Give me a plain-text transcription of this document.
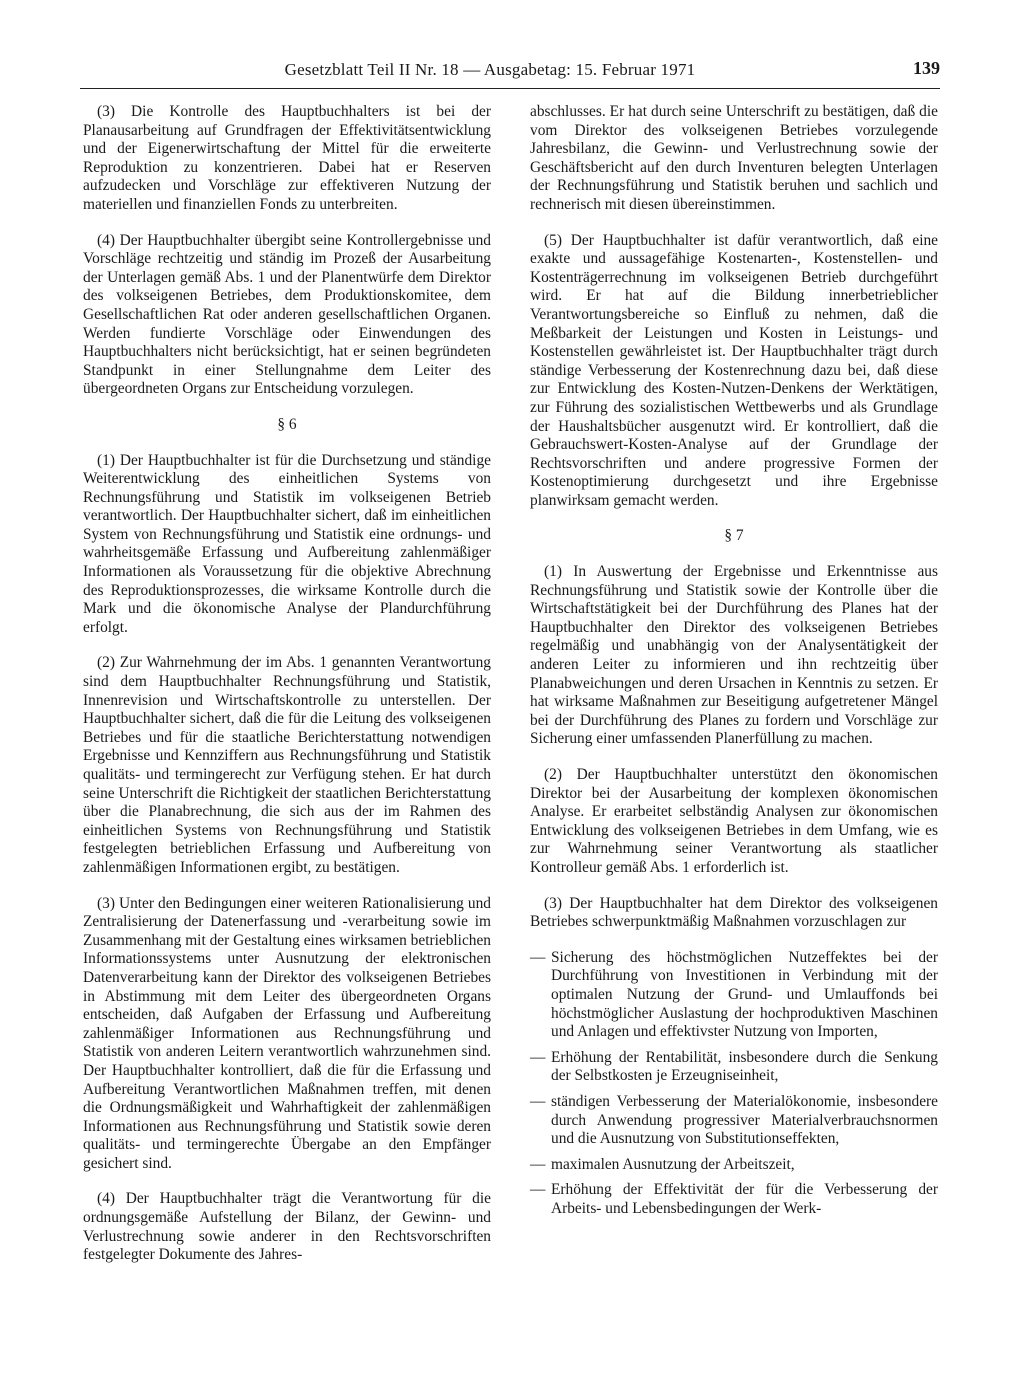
Gesetzblatt Teil II Nr. 18 — Ausgabetag: 15. Februar 1971	139

(3) Die Kontrolle des Hauptbuchhalters ist bei der Planausarbeitung auf Grundfragen der Effektivitätsentwicklung und der Eigenerwirtschaftung der Mittel für die erweiterte Reproduktion zu konzentrieren. Dabei hat er Reserven aufzudecken und Vorschläge zur effektiveren Nutzung der materiellen und finanziellen Fonds zu unterbreiten.

(4) Der Hauptbuchhalter übergibt seine Kontrollergebnisse und Vorschläge rechtzeitig und ständig im Prozeß der Ausarbeitung der Unterlagen gemäß Abs. 1 und der Planentwürfe dem Direktor des volkseigenen Betriebes, dem Produktionskomitee, dem Gesellschaftlichen Rat oder anderen gesellschaftlichen Organen. Werden fundierte Vorschläge oder Einwendungen des Hauptbuchhalters nicht berücksichtigt, hat er seinen begründeten Standpunkt in einer Stellungnahme dem Leiter des übergeordneten Organs zur Entscheidung vorzulegen.

§ 6

(1) Der Hauptbuchhalter ist für die Durchsetzung und ständige Weiterentwicklung des einheitlichen Systems von Rechnungsführung und Statistik im volkseigenen Betrieb verantwortlich. Der Hauptbuchhalter sichert, daß im einheitlichen System von Rechnungsführung und Statistik eine ordnungs- und wahrheitsgemäße Erfassung und Aufbereitung zahlenmäßiger Informationen als Voraussetzung für die objektive Abrechnung des Reproduktionsprozesses, die wirksame Kontrolle durch die Mark und die ökonomische Analyse der Plandurchführung erfolgt.

(2) Zur Wahrnehmung der im Abs. 1 genannten Verantwortung sind dem Hauptbuchhalter Rechnungsführung und Statistik, Innenrevision und Wirtschaftskontrolle zu unterstellen. Der Hauptbuchhalter sichert, daß die für die Leitung des volkseigenen Betriebes und für die staatliche Berichterstattung notwendigen Ergebnisse und Kennziffern aus Rechnungsführung und Statistik qualitäts- und termingerecht zur Verfügung stehen. Er hat durch seine Unterschrift die Richtigkeit der staatlichen Berichterstattung über die Planabrechnung, die sich aus der im Rahmen des einheitlichen Systems von Rechnungsführung und Statistik festgelegten betrieblichen Erfassung und Aufbereitung von zahlenmäßigen Informationen ergibt, zu bestätigen.

(3) Unter den Bedingungen einer weiteren Rationalisierung und Zentralisierung der Datenerfassung und -verarbeitung sowie im Zusammenhang mit der Gestaltung eines wirksamen betrieblichen Informationssystems unter Ausnutzung der elektronischen Datenverarbeitung kann der Direktor des volkseigenen Betriebes in Abstimmung mit dem Leiter des übergeordneten Organs entscheiden, daß Aufgaben der Erfassung und Aufbereitung zahlenmäßiger Informationen aus Rechnungsführung und Statistik von anderen Leitern verantwortlich wahrzunehmen sind. Der Hauptbuchhalter kontrolliert, daß die für die Erfassung und Aufbereitung Verantwortlichen Maßnahmen treffen, mit denen die Ordnungsmäßigkeit und Wahrhaftigkeit der zahlenmäßigen Informationen aus Rechnungsführung und Statistik sowie deren qualitäts- und termingerechte Übergabe an den Empfänger gesichert sind.

(4) Der Hauptbuchhalter trägt die Verantwortung für die ordnungsgemäße Aufstellung der Bilanz, der Gewinn- und Verlustrechnung sowie anderer in den Rechtsvorschriften festgelegter Dokumente des Jahres-

abschlusses. Er hat durch seine Unterschrift zu bestätigen, daß die vom Direktor des volkseigenen Betriebes vorzulegende Jahresbilanz, die Gewinn- und Verlustrechnung sowie der Geschäftsbericht auf den durch Inventuren belegten Unterlagen der Rechnungsführung und Statistik beruhen und sachlich und rechnerisch mit diesen übereinstimmen.

(5) Der Hauptbuchhalter ist dafür verantwortlich, daß eine exakte und aussagefähige Kostenarten-, Kostenstellen- und Kostenträgerrechnung im volkseigenen Betrieb durchgeführt wird. Er hat auf die Bildung innerbetrieblicher Verantwortungsbereiche so Einfluß zu nehmen, daß die Meßbarkeit der Leistungen und Kosten in Leistungs- und Kostenstellen gewährleistet ist. Der Hauptbuchhalter trägt durch ständige Verbesserung der Kostenrechnung dazu bei, daß diese zur Entwicklung des Kosten-Nutzen-Denkens der Werktätigen, zur Führung des sozialistischen Wettbewerbs und als Grundlage der Haushaltsbücher ausgenutzt wird. Er kontrolliert, daß die Gebrauchswert-Kosten-Analyse auf der Grundlage der Rechtsvorschriften und andere progressive Formen der Kostenoptimierung durchgesetzt und ihre Ergebnisse planwirksam gemacht werden.

§ 7

(1) In Auswertung der Ergebnisse und Erkenntnisse aus Rechnungsführung und Statistik sowie der Kontrolle über die Wirtschaftstätigkeit bei der Durchführung des Planes hat der Hauptbuchhalter den Direktor des volkseigenen Betriebes regelmäßig und unabhängig von der Analysentätigkeit der anderen Leiter zu informieren und ihn rechtzeitig über Planabweichungen und deren Ursachen in Kenntnis zu setzen. Er hat wirksame Maßnahmen zur Beseitigung aufgetretener Mängel bei der Durchführung des Planes zu fordern und Vorschläge zur Sicherung einer umfassenden Planerfüllung zu machen.

(2) Der Hauptbuchhalter unterstützt den ökonomischen Direktor bei der Ausarbeitung der komplexen ökonomischen Analyse. Er erarbeitet selbständig Analysen zur ökonomischen Entwicklung des volkseigenen Betriebes in dem Umfang, wie es zur Wahrnehmung seiner Verantwortung als staatlicher Kontrolleur gemäß Abs. 1 erforderlich ist.

(3) Der Hauptbuchhalter hat dem Direktor des volkseigenen Betriebes schwerpunktmäßig Maßnahmen vorzuschlagen zur

— Sicherung des höchstmöglichen Nutzeffektes bei der Durchführung von Investitionen in Verbindung mit der optimalen Nutzung der Grund- und Umlauffonds bei höchstmöglicher Auslastung der hochproduktiven Maschinen und Anlagen und effektivster Nutzung von Importen,
— Erhöhung der Rentabilität, insbesondere durch die Senkung der Selbstkosten je Erzeugniseinheit,
— ständigen Verbesserung der Materialökonomie, insbesondere durch Anwendung progressiver Materialverbrauchsnormen und die Ausnutzung von Substitutionseffekten,
— maximalen Ausnutzung der Arbeitszeit,
— Erhöhung der Effektivität der für die Verbesserung der Arbeits- und Lebensbedingungen der Werk-
